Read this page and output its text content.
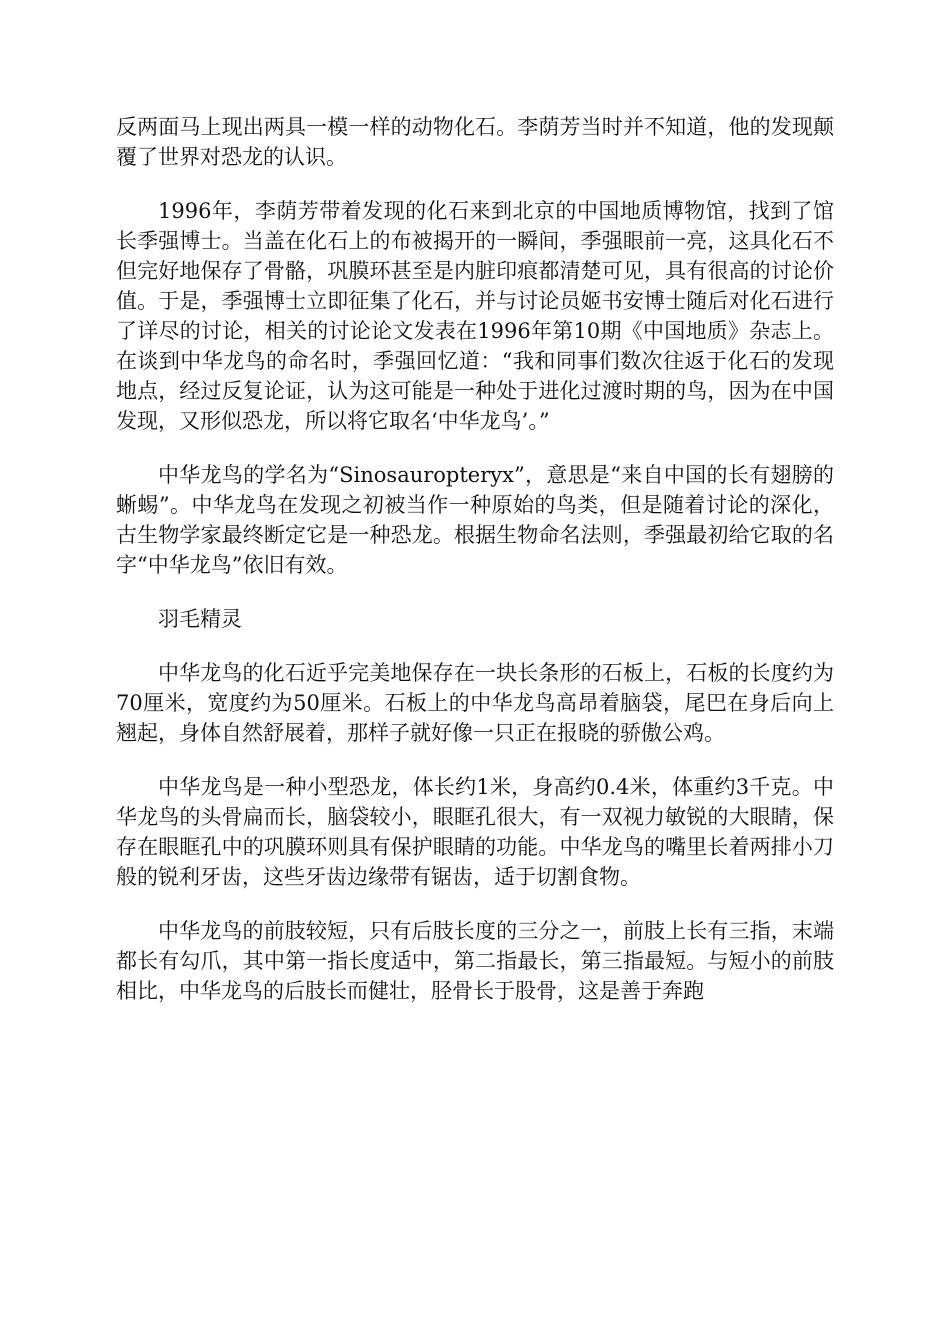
反两面马上现出两具一模一样的动物化石。李荫芳当时并不知道，他的发现颠覆了世界对恐龙的认识。

1996年，李荫芳带着发现的化石来到北京的中国地质博物馆，找到了馆长季强博士。当盖在化石上的布被揭开的一瞬间，季强眼前一亮，这具化石不但完好地保存了骨骼，巩膜环甚至是内脏印痕都清楚可见，具有很高的讨论价值。于是，季强博士立即征集了化石，并与讨论员姬书安博士随后对化石进行了详尽的讨论，相关的讨论论文发表在1996年第10期《中国地质》杂志上。在谈到中华龙鸟的命名时，季强回忆道：“我和同事们数次往返于化石的发现地点，经过反复论证，认为这可能是一种处于进化过渡时期的鸟，因为在中国发现，又形似恐龙，所以将它取名‘中华龙鸟’。”

中华龙鸟的学名为“Sinosauropteryx”，意思是“来自中国的长有翅膀的蜥蜴”。中华龙鸟在发现之初被当作一种原始的鸟类，但是随着讨论的深化，古生物学家最终断定它是一种恐龙。根据生物命名法则，季强最初给它取的名字“中华龙鸟”依旧有效。

羽毛精灵

中华龙鸟的化石近乎完美地保存在一块长条形的石板上，石板的长度约为70厘米，宽度约为50厘米。石板上的中华龙鸟高昂着脑袋，尾巴在身后向上翘起，身体自然舒展着，那样子就好像一只正在报晓的骄傲公鸡。

中华龙鸟是一种小型恐龙，体长约1米，身高约0.4米，体重约3千克。中华龙鸟的头骨扁而长，脑袋较小，眼眶孔很大，有一双视力敏锐的大眼睛，保存在眼眶孔中的巩膜环则具有保护眼睛的功能。中华龙鸟的嘴里长着两排小刀般的锐利牙齿，这些牙齿边缘带有锯齿，适于切割食物。

中华龙鸟的前肢较短，只有后肢长度的三分之一，前肢上长有三指，末端都长有勾爪，其中第一指长度适中，第二指最长，第三指最短。与短小的前肢相比，中华龙鸟的后肢长而健壮，胫骨长于股骨，这是善于奔跑
